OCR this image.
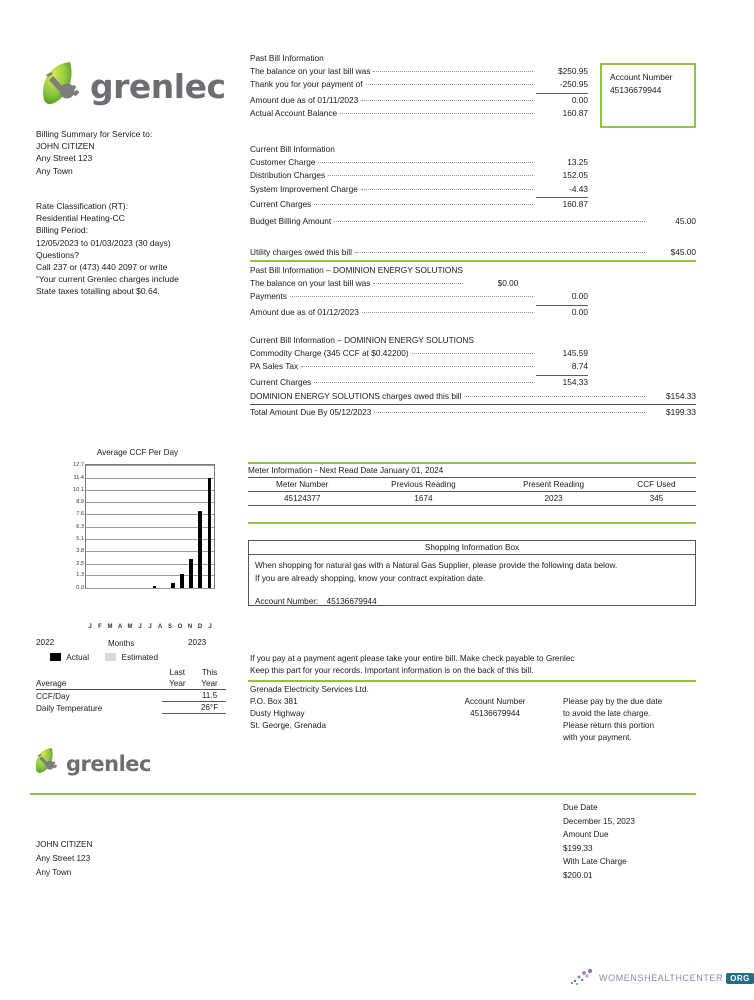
grenlec
Billing Summary for Service to:
JOHN CITIZEN
Any Street 123
Any Town
Rate Classification (RT):
Residential Heating-CC
Billing Period:
12/05/2023 to 01/03/2023 (30 days)
Questions?
Call 237 or (473) 440 2097 or write
“Your current Grenlec charges include
State taxes totalling about $0.64.
Account Number
45136679944
Past Bill Information
The balance on your last bill was	$250.95
Thank you for your payment of	-250.95
Amount due as of 01/11/2023	0.00
Actual Account Balance	160.87
Current Bill Information
Customer Charge	13.25
Distribution Charges	152.05
System Improvement Charge	-4.43
Current Charges	160.87
Budget Billing Amount	45.00
Utility charges owed this bill	$45.00
Past Bill Information – DOMINION ENERGY SOLUTIONS
The balance on your last bill was	$0.00
Payments	0.00
Amount due as of 01/12/2023	0.00
Current Bill Information – DOMINION ENERGY SOLUTIONS
Commodity Charge (345 CCF at $0.42200)	145.59
PA Sales Tax	8.74
Current Charges	154.33
DOMINION ENERGY SOLUTIONS charges owed this bill	$154.33
Total Amount Due By 05/12/2023	$199.33
Average CCF Per Day
0.0
1.3
2.5
3.8
5.1
6.3
7.6
8.9
10.1
11.4
12.7
J	F M A M J	J	A S O N D	J
2022	Months	2023
Actual	Estimated
	Last	This
Average	Year	Year
CCF/Day		11.5
Daily Temperature		26°F
Meter Information - Next Read Date January 01, 2024
Meter Number	Previous Reading	Present Reading	CCF Used
45124377	1674	2023	345
Shopping Information Box
When shopping for natural gas with a Natural Gas Supplier, please provide the following data below.
If you are already shopping, know your contract expiration date.
Account Number: 45136679944
If you pay at a payment agent please take your entire bill. Make check payable to Grenlec
Keep this part for your records. Important information is on the back of this bill.
Grenada Electricity Services Ltd.
P.O. Box 381
Dusty Highway
St. George, Grenada
Account Number
45136679944
Please pay by the due date
to avoid the late charge.
Please return this portion
with your payment.
grenlec
Due Date
December 15, 2023
Amount Due
$199.33
With Late Charge
$200.01
JOHN CITIZEN
Any Street 123
Any Town
WOMENSHEALTHCENTER ORG
